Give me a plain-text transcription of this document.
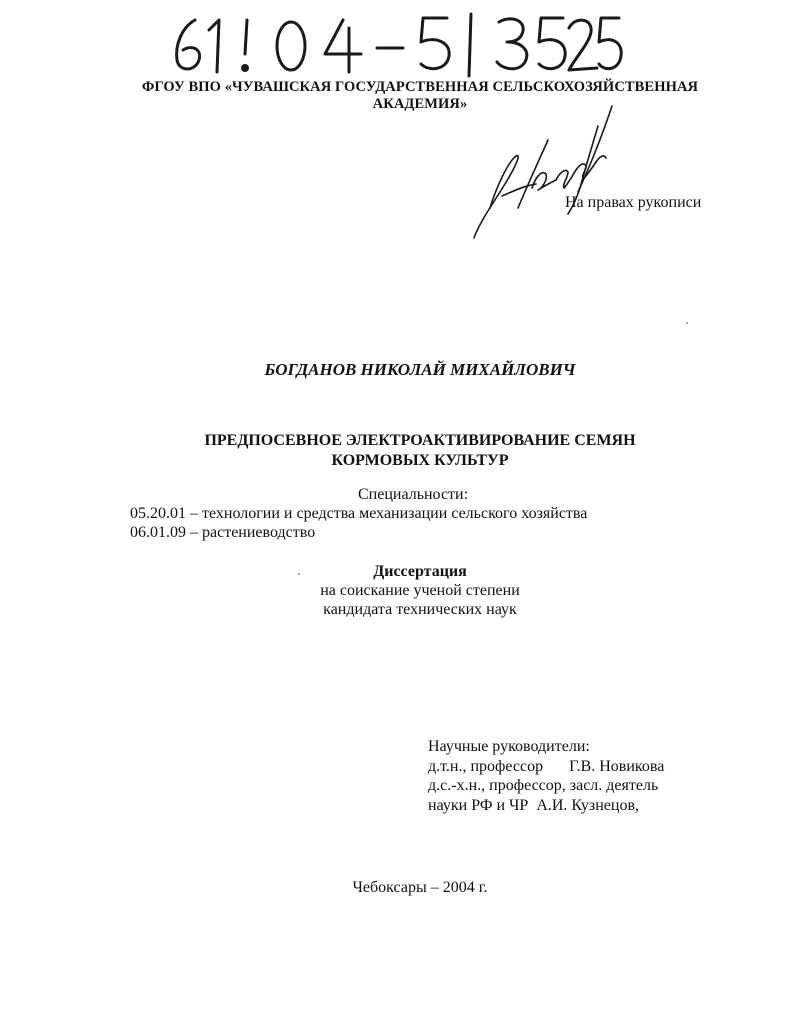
ФГОУ ВПО «ЧУВАШСКАЯ ГОСУДАРСТВЕННАЯ СЕЛЬСКОХОЗЯЙСТВЕННАЯ
АКАДЕМИЯ»
На правах рукописи
БОГДАНОВ НИКОЛАЙ МИХАЙЛОВИЧ
ПРЕДПОСЕВНОЕ ЭЛЕКТРОАКТИВИРОВАНИЕ СЕМЯН
КОРМОВЫХ КУЛЬТУР
Специальности:
05.20.01 – технологии и средства механизации сельского хозяйства
06.01.09 – растениеводство
Диссертация
на соискание ученой степени
кандидата технических наук
Научные руководители:
д.т.н., профессор Г.В. Новикова
д.с.-х.н., профессор, засл. деятель
науки РФ и ЧР  А.И. Кузнецов,
Чебоксары – 2004 г.
